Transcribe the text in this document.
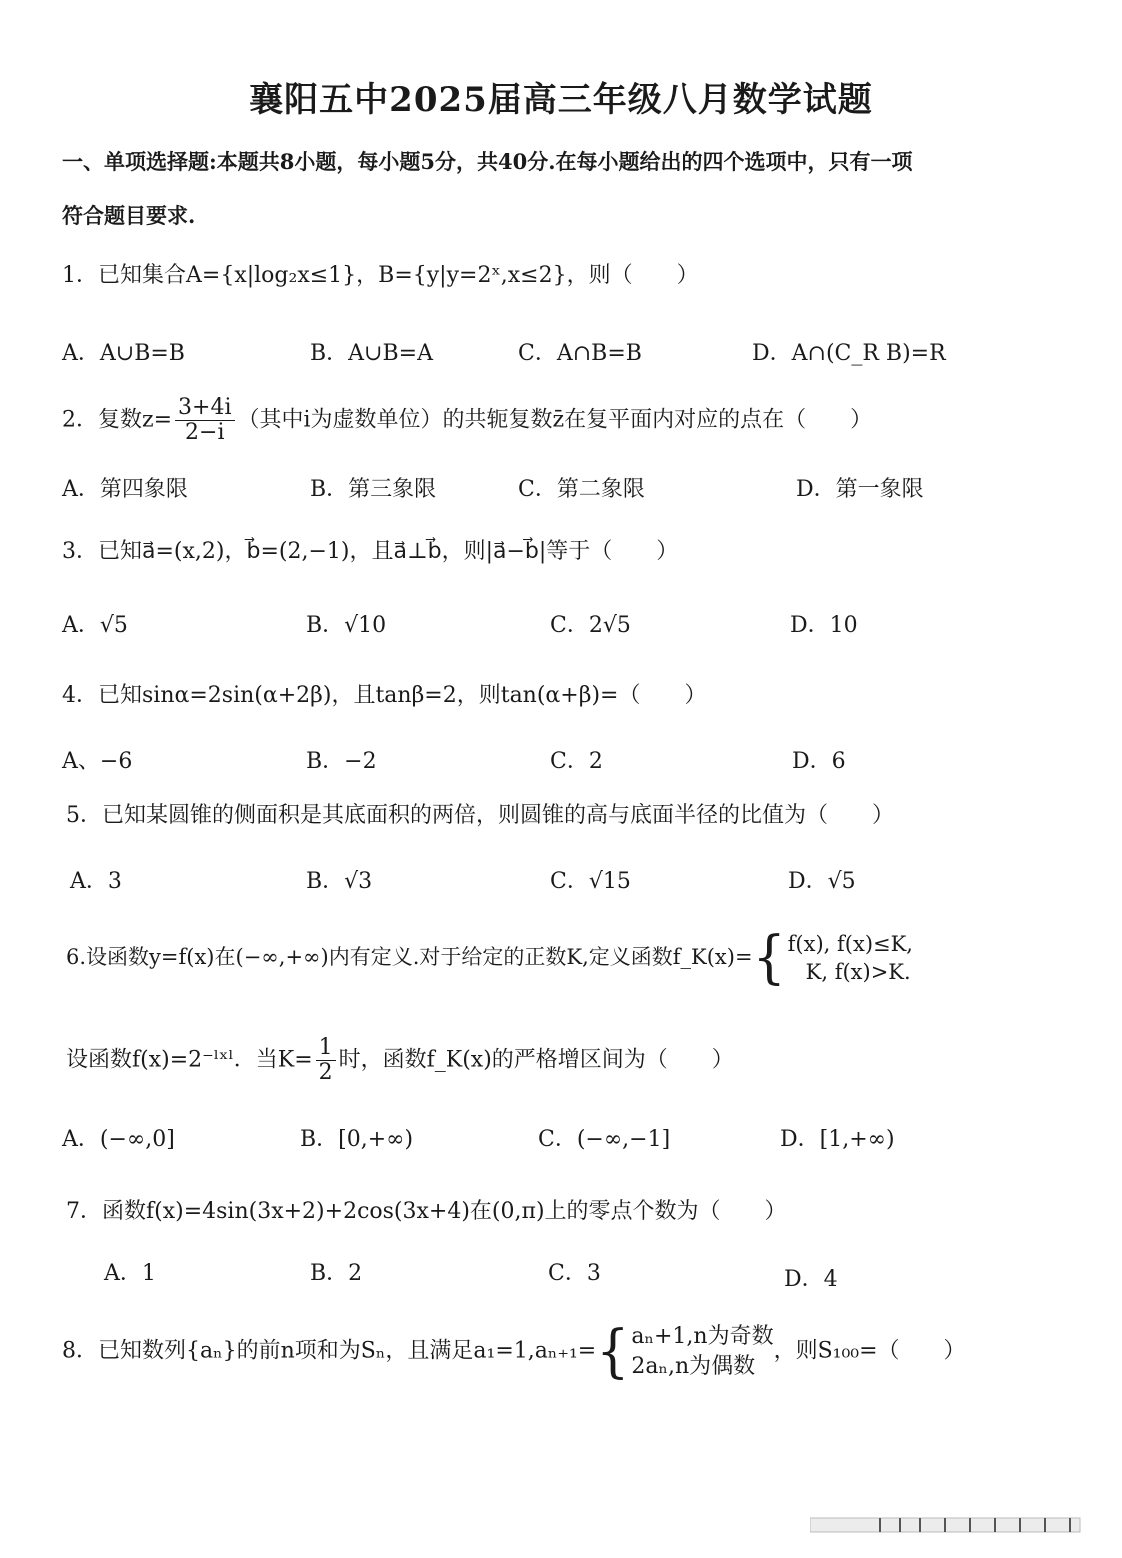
襄阳五中2025届高三年级八月数学试题
一、单项选择题:本题共8小题，每小题5分，共40分.在每小题给出的四个选项中，只有一项
符合题目要求.
1．已知集合A={x|log₂x≤1}，B={y|y=2ˣ,x≤2}，则（　　）
A．A∪B=B	B．A∪B=A	C．A∩B=B	D．A∩(C_R B)=R
2．复数$z= \frac{3+4i}{2-i}$ （其中i为虚数单位）的共轭复数z̄在复平面内对应的点在（　　）
A．第四象限	B．第三象限	C．第二象限	D．第一象限
3．已知a⃗=(x,2)，b⃗=(2,−1)，且a⃗⊥b⃗，则|a⃗−b⃗|等于（　　）
A．√5	B．√10	C．2√5	D．10
4．已知sinα=2sin(α+2β)，且tanβ=2，则tan(α+β)=（　　）
A、−6	B．−2	C．2	D．6
5．已知某圆锥的侧面积是其底面积的两倍，则圆锥的高与底面半径的比值为（　　）
A．3	B．√3	C．√15	D．√5
6.设函数y=f(x)在(−∞,+∞)内有定义.对于给定的正数K,定义函数f_K(x)={ f(x), f(x)≤K,
K, f(x)>K.
设函数f(x)=2⁻ˡˣˡ．当$K= \frac{1}{2}$ 时，函数f_K(x)的严格增区间为（　　）
A．(−∞,0]	B．[0,+∞)	C．(−∞,−1]	D．[1,+∞)
7．函数f(x)=4sin(3x+2)+2cos(3x+4)在(0,π)上的零点个数为（　　）
A．1	B．2	C．3	D．4
8．已知数列{aₙ}的前n项和为Sₙ，且满足a₁=1,aₙ₊₁={ aₙ+1,n为奇数
2aₙ,n为偶数
，则S₁₀₀=（　　）
